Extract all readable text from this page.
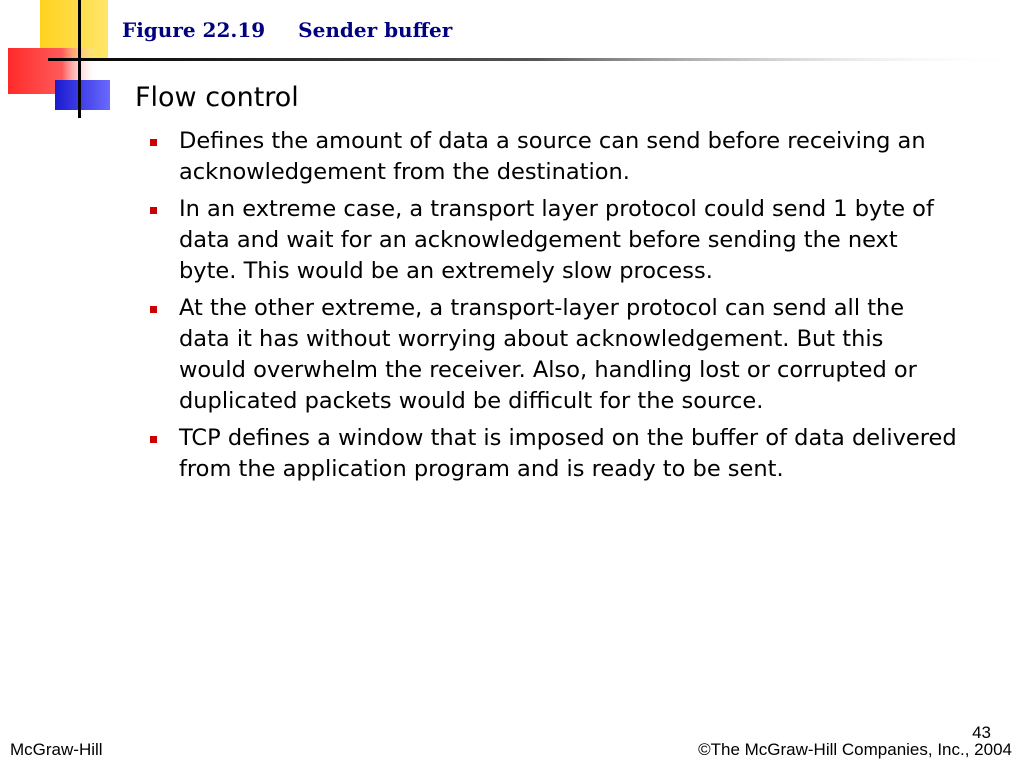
Figure 22.19 Sender buffer
Flow control
Defines the amount of data a source can send before receiving an acknowledgement from the destination.
In an extreme case, a transport layer protocol could send 1 byte of data and wait for an acknowledgement before sending the next byte. This would be an extremely slow process.
At the other extreme, a transport-layer protocol can send all the data it has without worrying about acknowledgement. But this would overwhelm the receiver. Also, handling lost or corrupted or duplicated packets would be difficult for the source.
TCP defines a window that is imposed on the buffer of data delivered from the application program and is ready to be sent.
43
McGraw-Hill	©The McGraw-Hill Companies, Inc., 2004
